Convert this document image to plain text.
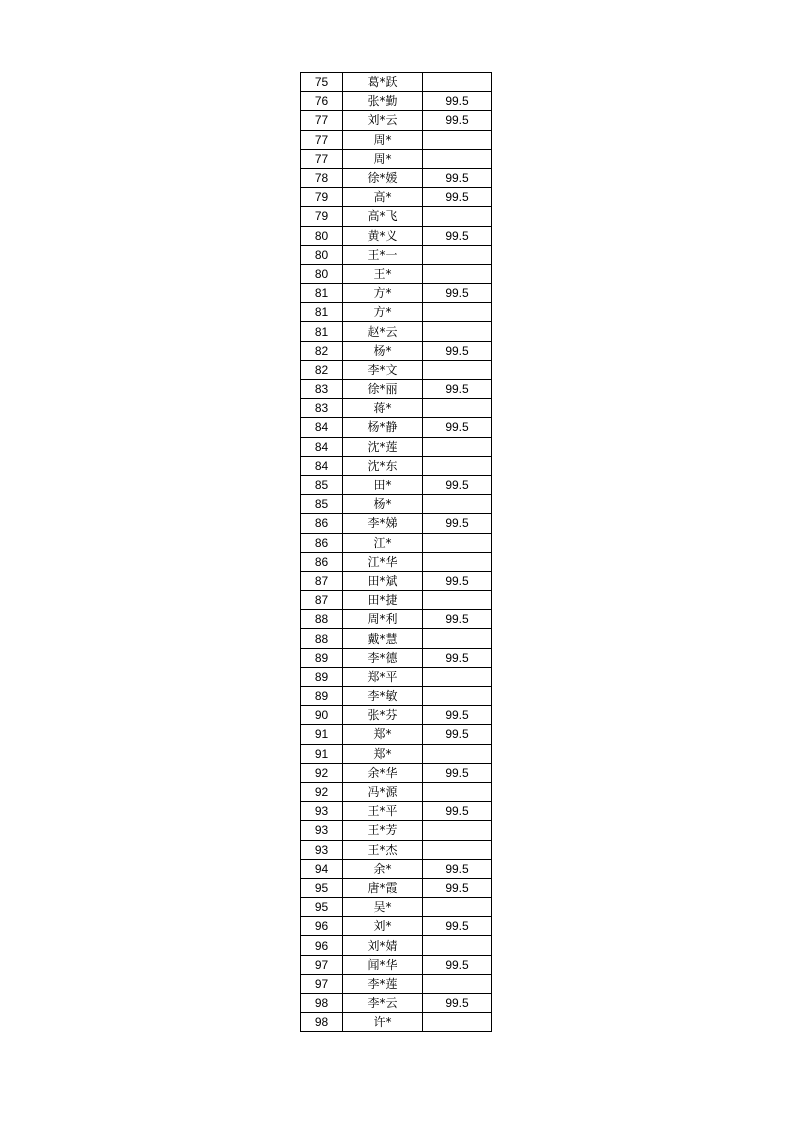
75	葛*跃	
76	张*勤	99.5
77	刘*云	99.5
77	周*	
77	周*	
78	徐*媛	99.5
79	高*	99.5
79	高*飞	
80	黄*义	99.5
80	王*一	
80	王*	
81	方*	99.5
81	方*	
81	赵*云	
82	杨*	99.5
82	李*文	
83	徐*丽	99.5
83	蒋*	
84	杨*静	99.5
84	沈*莲	
84	沈*东	
85	田*	99.5
85	杨*	
86	李*娣	99.5
86	江*	
86	江*华	
87	田*斌	99.5
87	田*捷	
88	周*利	99.5
88	戴*慧	
89	李*德	99.5
89	郑*平	
89	李*敏	
90	张*芬	99.5
91	郑*	99.5
91	郑*	
92	余*华	99.5
92	冯*源	
93	王*平	99.5
93	王*芳	
93	王*杰	
94	余*	99.5
95	唐*霞	99.5
95	吴*	
96	刘*	99.5
96	刘*婧	
97	闻*华	99.5
97	李*莲	
98	李*云	99.5
98	许*	
